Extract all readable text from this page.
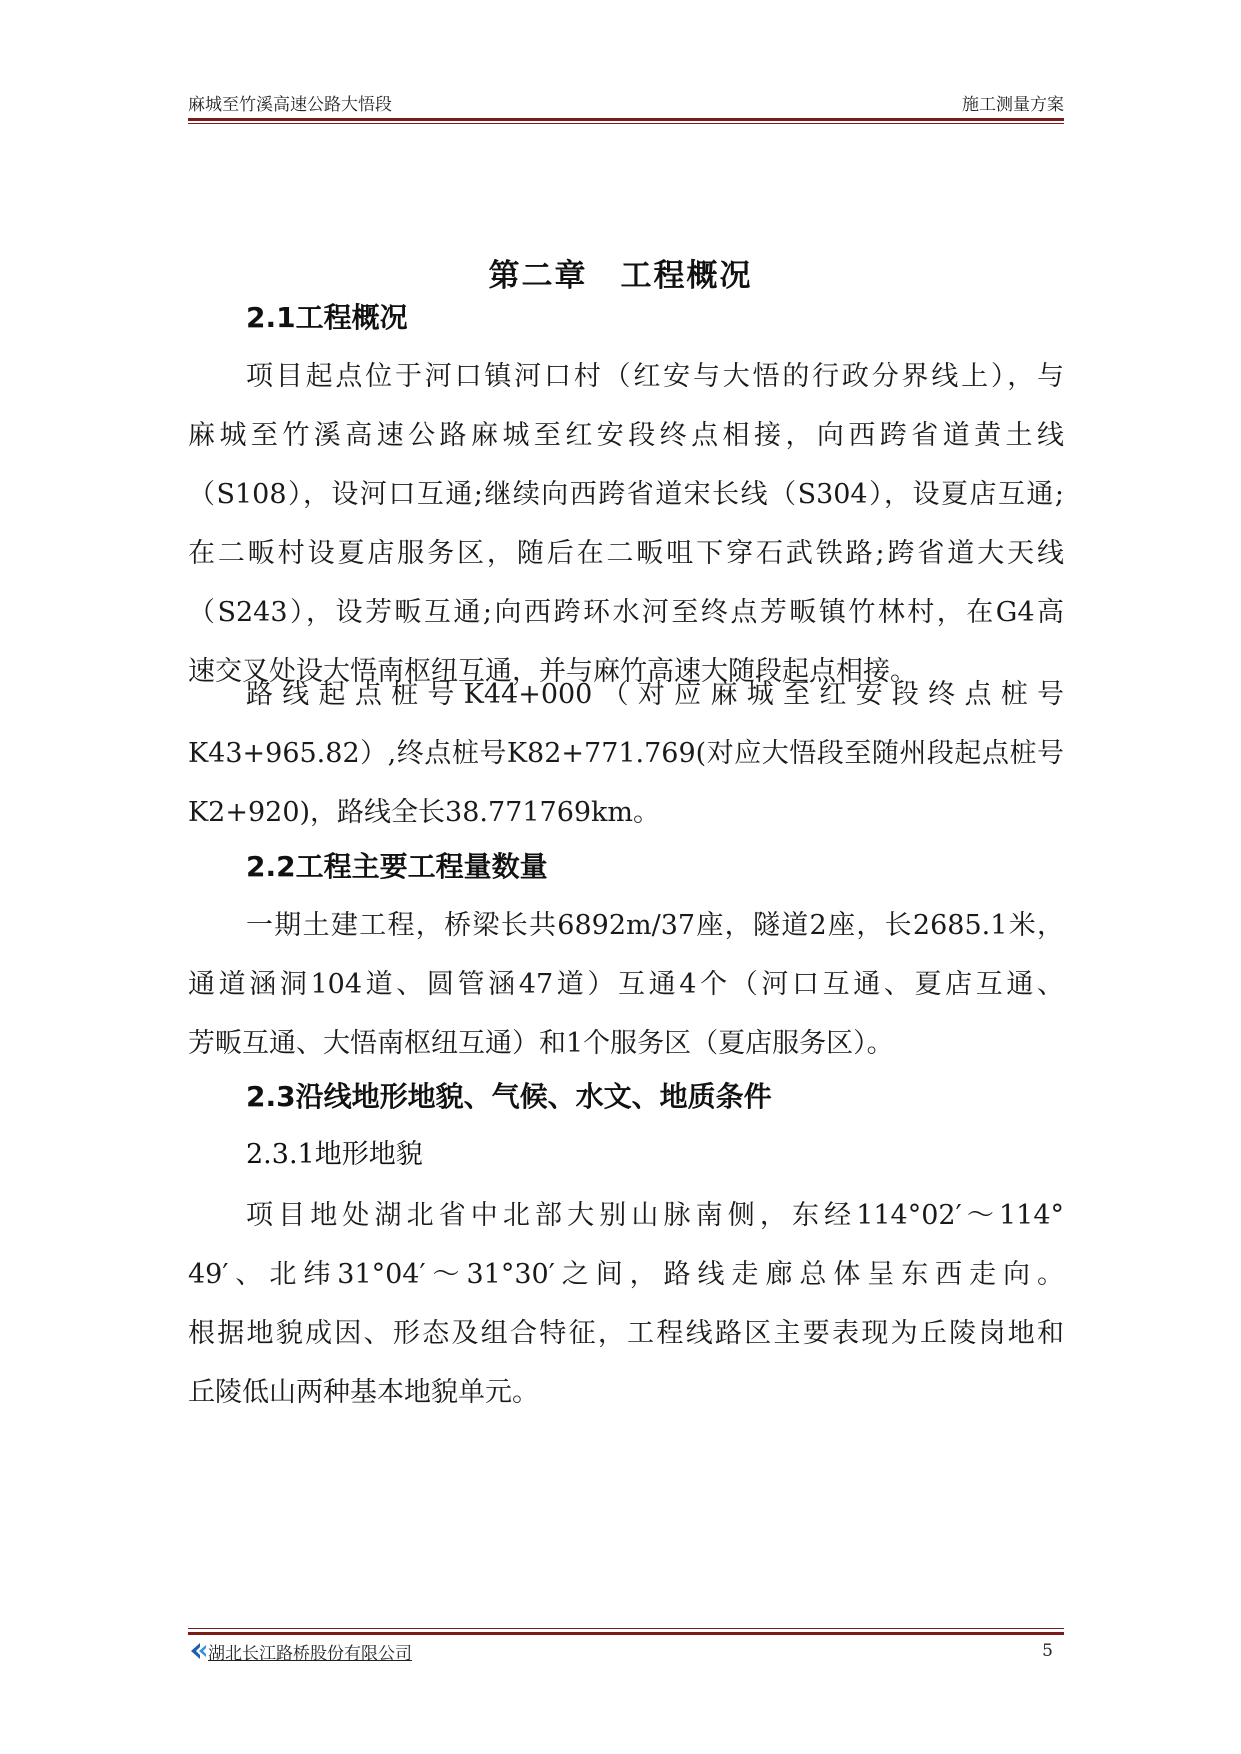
麻城至竹溪高速公路大悟段	施工测量方案
第二章　工程概况
2.1工程概况
项目起点位于河口镇河口村（红安与大悟的行政分界线上），与
麻城至竹溪高速公路麻城至红安段终点相接，向西跨省道黄土线
（S108），设河口互通;继续向西跨省道宋长线（S304），设夏店互通;
在二畈村设夏店服务区，随后在二畈咀下穿石武铁路;跨省道大天线
（S243），设芳畈互通;向西跨环水河至终点芳畈镇竹林村，在G4高
速交叉处设大悟南枢纽互通，并与麻竹高速大随段起点相接。
路线起点桩号K44+000（对应麻城至红安段终点桩号
K43+965.82）,终点桩号K82+771.769(对应大悟段至随州段起点桩号
K2+920)，路线全长38.771769km。
2.2工程主要工程量数量
一期土建工程，桥梁长共6892m/37座，隧道2座，长2685.1米，
通道涵洞104道、圆管涵47道）互通4个（河口互通、夏店互通、
芳畈互通、大悟南枢纽互通）和1个服务区（夏店服务区）。
2.3沿线地形地貌、气候、水文、地质条件
2.3.1地形地貌
项目地处湖北省中北部大别山脉南侧，东经114°02′～114°
49′、北纬31°04′～31°30′之间，路线走廊总体呈东西走向。
根据地貌成因、形态及组合特征，工程线路区主要表现为丘陵岗地和
丘陵低山两种基本地貌单元。
湖北长江路桥股份有限公司	5
